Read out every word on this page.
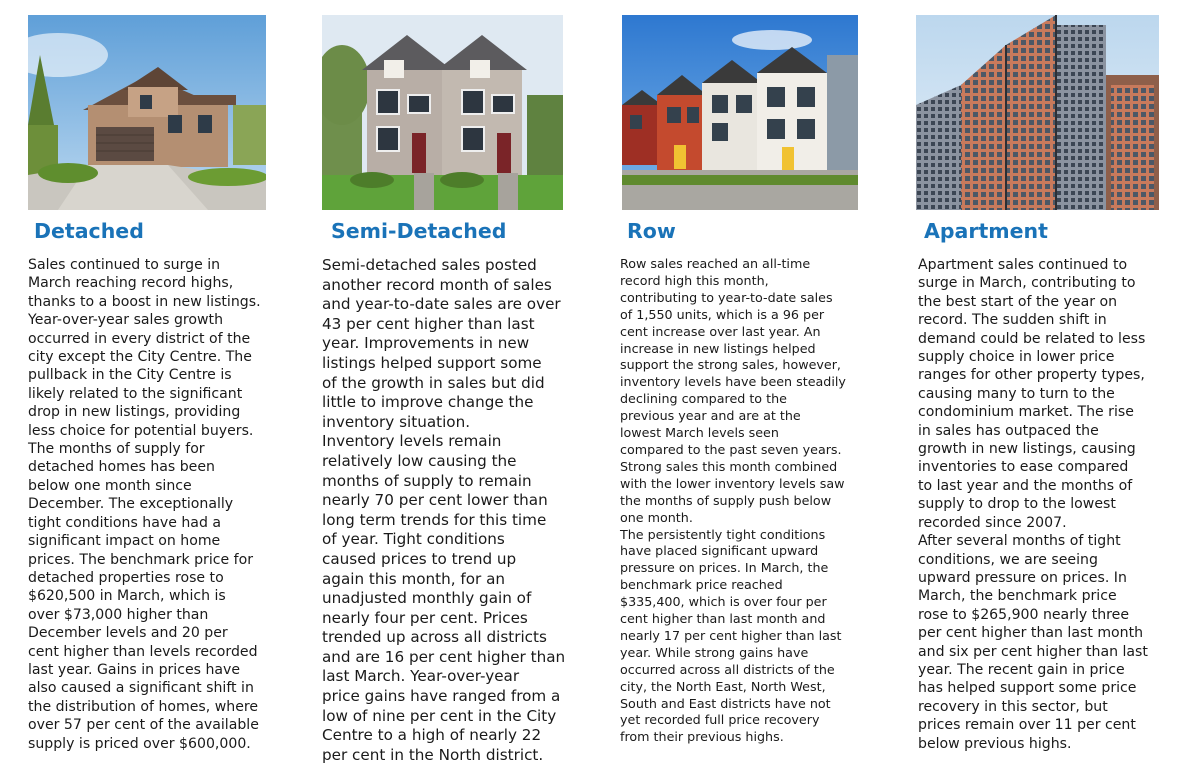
Detached
Sales continued to surge in
March reaching record highs,
thanks to a boost in new listings.
Year-over-year sales growth
occurred in every district of the
city except the City Centre. The
pullback in the City Centre is
likely related to the significant
drop in new listings, providing
less choice for potential buyers.
The months of supply for
detached homes has been
below one month since
December. The exceptionally
tight conditions have had a
significant impact on home
prices. The benchmark price for
detached properties rose to
$620,500 in March, which is
over $73,000 higher than
December levels and 20 per
cent higher than levels recorded
last year. Gains in prices have
also caused a significant shift in
the distribution of homes, where
over 57 per cent of the available
supply is priced over $600,000.
Semi-Detached
Semi-detached sales posted
another record month of sales
and year-to-date sales are over
43 per cent higher than last
year. Improvements in new
listings helped support some
of the growth in sales but did
little to improve change the
inventory situation.
Inventory levels remain
relatively low causing the
months of supply to remain
nearly 70 per cent lower than
long term trends for this time
of year. Tight conditions
caused prices to trend up
again this month, for an
unadjusted monthly gain of
nearly four per cent. Prices
trended up across all districts
and are 16 per cent higher than
last March. Year-over-year
price gains have ranged from a
low of nine per cent in the City
Centre to a high of nearly 22
per cent in the North district.
Row
Row sales reached an all-time
record high this month,
contributing to year-to-date sales
of 1,550 units, which is a 96 per
cent increase over last year. An
increase in new listings helped
support the strong sales, however,
inventory levels have been steadily
declining compared to the
previous year and are at the
lowest March levels seen
compared to the past seven years.
Strong sales this month combined
with the lower inventory levels saw
the months of supply push below
one month.
The persistently tight conditions
have placed significant upward
pressure on prices. In March, the
benchmark price reached
$335,400, which is over four per
cent higher than last month and
nearly 17 per cent higher than last
year. While strong gains have
occurred across all districts of the
city, the North East, North West,
South and East districts have not
yet recorded full price recovery
from their previous highs.
Apartment
Apartment sales continued to
surge in March, contributing to
the best start of the year on
record. The sudden shift in
demand could be related to less
supply choice in lower price
ranges for other property types,
causing many to turn to the
condominium market. The rise
in sales has outpaced the
growth in new listings, causing
inventories to ease compared
to last year and the months of
supply to drop to the lowest
recorded since 2007.
After several months of tight
conditions, we are seeing
upward pressure on prices. In
March, the benchmark price
rose to $265,900 nearly three
per cent higher than last month
and six per cent higher than last
year. The recent gain in price
has helped support some price
recovery in this sector, but
prices remain over 11 per cent
below previous highs.
